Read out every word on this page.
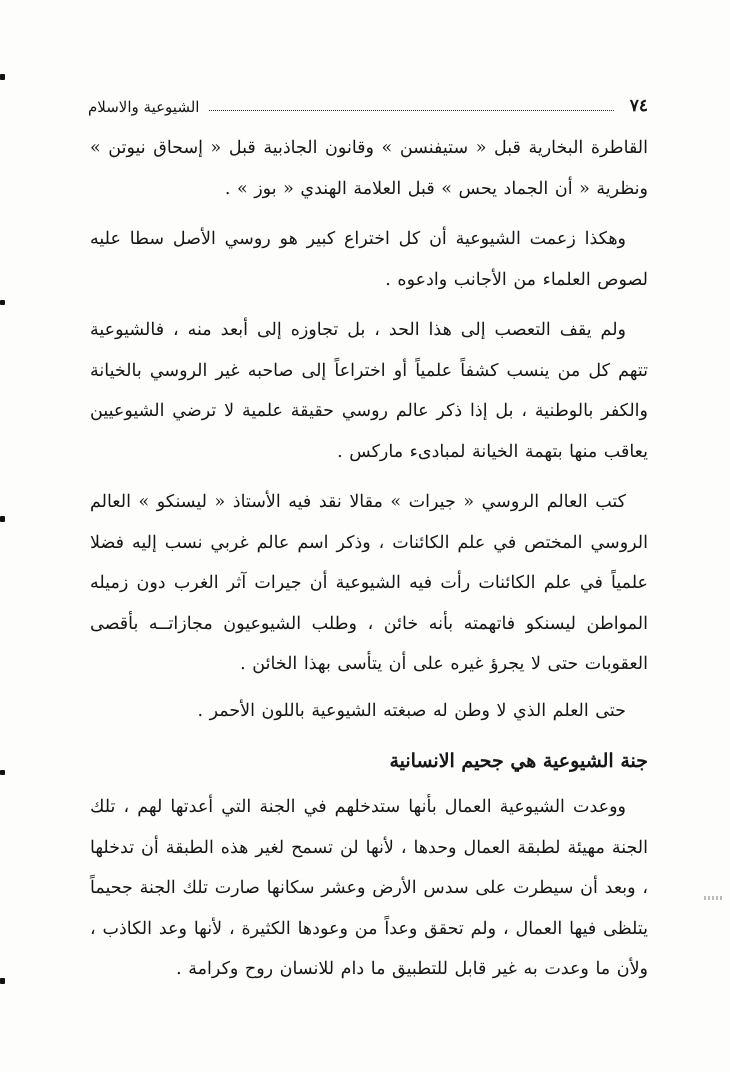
٧٤
الشيوعية والاسلام

القاطرة البخارية قبل « ستيفنسن » وقانون الجاذبية قبل « إسحاق نيوتن » ونظرية « أن الجماد يحس » قبل العلامة الهندي « بوز » .

وهكذا زعمت الشيوعية أن كل اختراع كبير هو روسي الأصل سطا عليه لصوص العلماء من الأجانب وادعوه .

ولم يقف التعصب إلى هذا الحد ، بل تجاوزه إلى أبعد منه ، فالشيوعية تتهم كل من ينسب كشفاً علمياً أو اختراعاً إلى صاحبه غير الروسي بالخيانة والكفر بالوطنية ، بل إذا ذكر عالم روسي حقيقة علمية لا ترضي الشيوعيين يعاقب منها بتهمة الخيانة لمبادىء ماركس .

كتب العالم الروسي « جيرات » مقالا نقد فيه الأستاذ « ليسنكو » العالم الروسي المختص في علم الكائنات ، وذكر اسم عالم غربي نسب إليه فضلا علمياً في علم الكائنات رأت فيه الشيوعية أن جيرات آثر الغرب دون زميله المواطن ليسنكو فاتهمته بأنه خائن ، وطلب الشيوعيون مجازاتــه بأقصى العقوبات حتى لا يجرؤ غيره على أن يتأسى بهذا الخائن .

حتى العلم الذي لا وطن له صبغته الشيوعية باللون الأحمر .

جنة الشيوعية هي جحيم الانسانية

ووعدت الشيوعية العمال بأنها ستدخلهم في الجنة التي أعدتها لهم ، تلك الجنة مهيئة لطبقة العمال وحدها ، لأنها لن تسمح لغير هذه الطبقة أن تدخلها ، وبعد أن سيطرت على سدس الأرض وعشر سكانها صارت تلك الجنة جحيماً يتلظى فيها العمال ، ولم تحقق وعداً من وعودها الكثيرة ، لأنها وعد الكاذب ، ولأن ما وعدت به غير قابل للتطبيق ما دام للانسان روح وكرامة .
